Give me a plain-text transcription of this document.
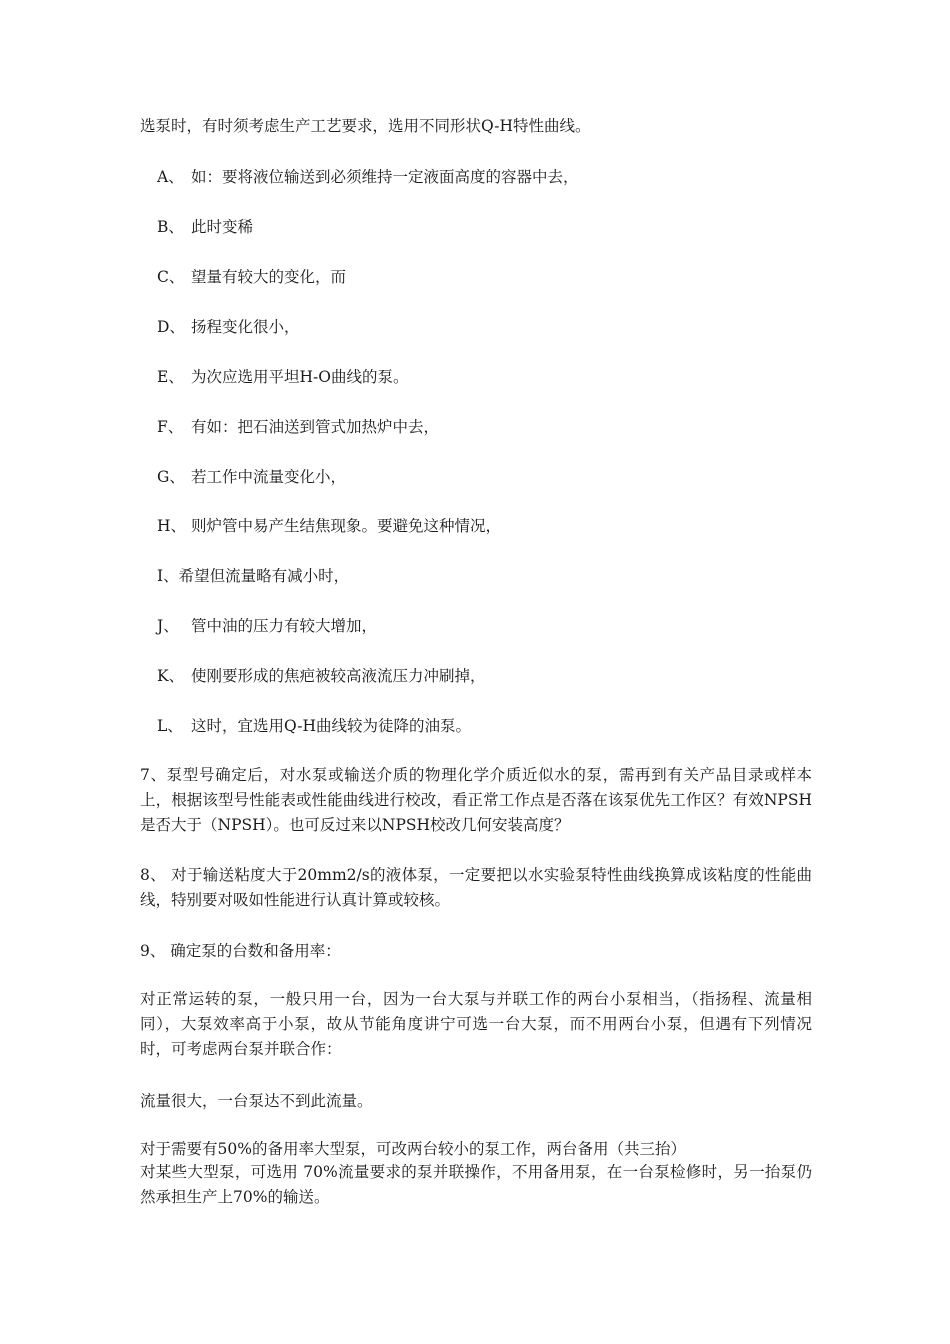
选泵时，有时须考虑生产工艺要求，选用不同形状Q-H特性曲线。
A、 如：要将液位输送到必须维持一定液面高度的容器中去，
B、 此时变稀
C、 望量有较大的变化，而
D、 扬程变化很小，
E、 为次应选用平坦H-O曲线的泵。
F、 有如：把石油送到管式加热炉中去，
G、 若工作中流量变化小，
H、 则炉管中易产生结焦现象。要避免这种情况，
I、希望但流量略有减小时，
J、 管中油的压力有较大增加，
K、 使刚要形成的焦疤被较高液流压力冲刷掉，
L、 这时，宜选用Q-H曲线较为徒降的油泵。
7、泵型号确定后，对水泵或输送介质的物理化学介质近似水的泵，需再到有关产品目录或样本上，根据该型号性能表或性能曲线进行校改，看正常工作点是否落在该泵优先工作区？有效NPSH是否大于（NPSH）。也可反过来以NPSH校改几何安装高度？
8、 对于输送粘度大于20mm2/s的液体泵，一定要把以水实验泵特性曲线换算成该粘度的性能曲线，特别要对吸如性能进行认真计算或较核。
9、 确定泵的台数和备用率：
对正常运转的泵，一般只用一台，因为一台大泵与并联工作的两台小泵相当，（指扬程、流量相同），大泵效率高于小泵，故从节能角度讲宁可选一台大泵，而不用两台小泵，但遇有下列情况时，可考虑两台泵并联合作：
流量很大，一台泵达不到此流量。
对于需要有50%的备用率大型泵，可改两台较小的泵工作，两台备用（共三抬）
对某些大型泵，可选用 70%流量要求的泵并联操作，不用备用泵，在一台泵检修时，另一抬泵仍然承担生产上70%的输送。
